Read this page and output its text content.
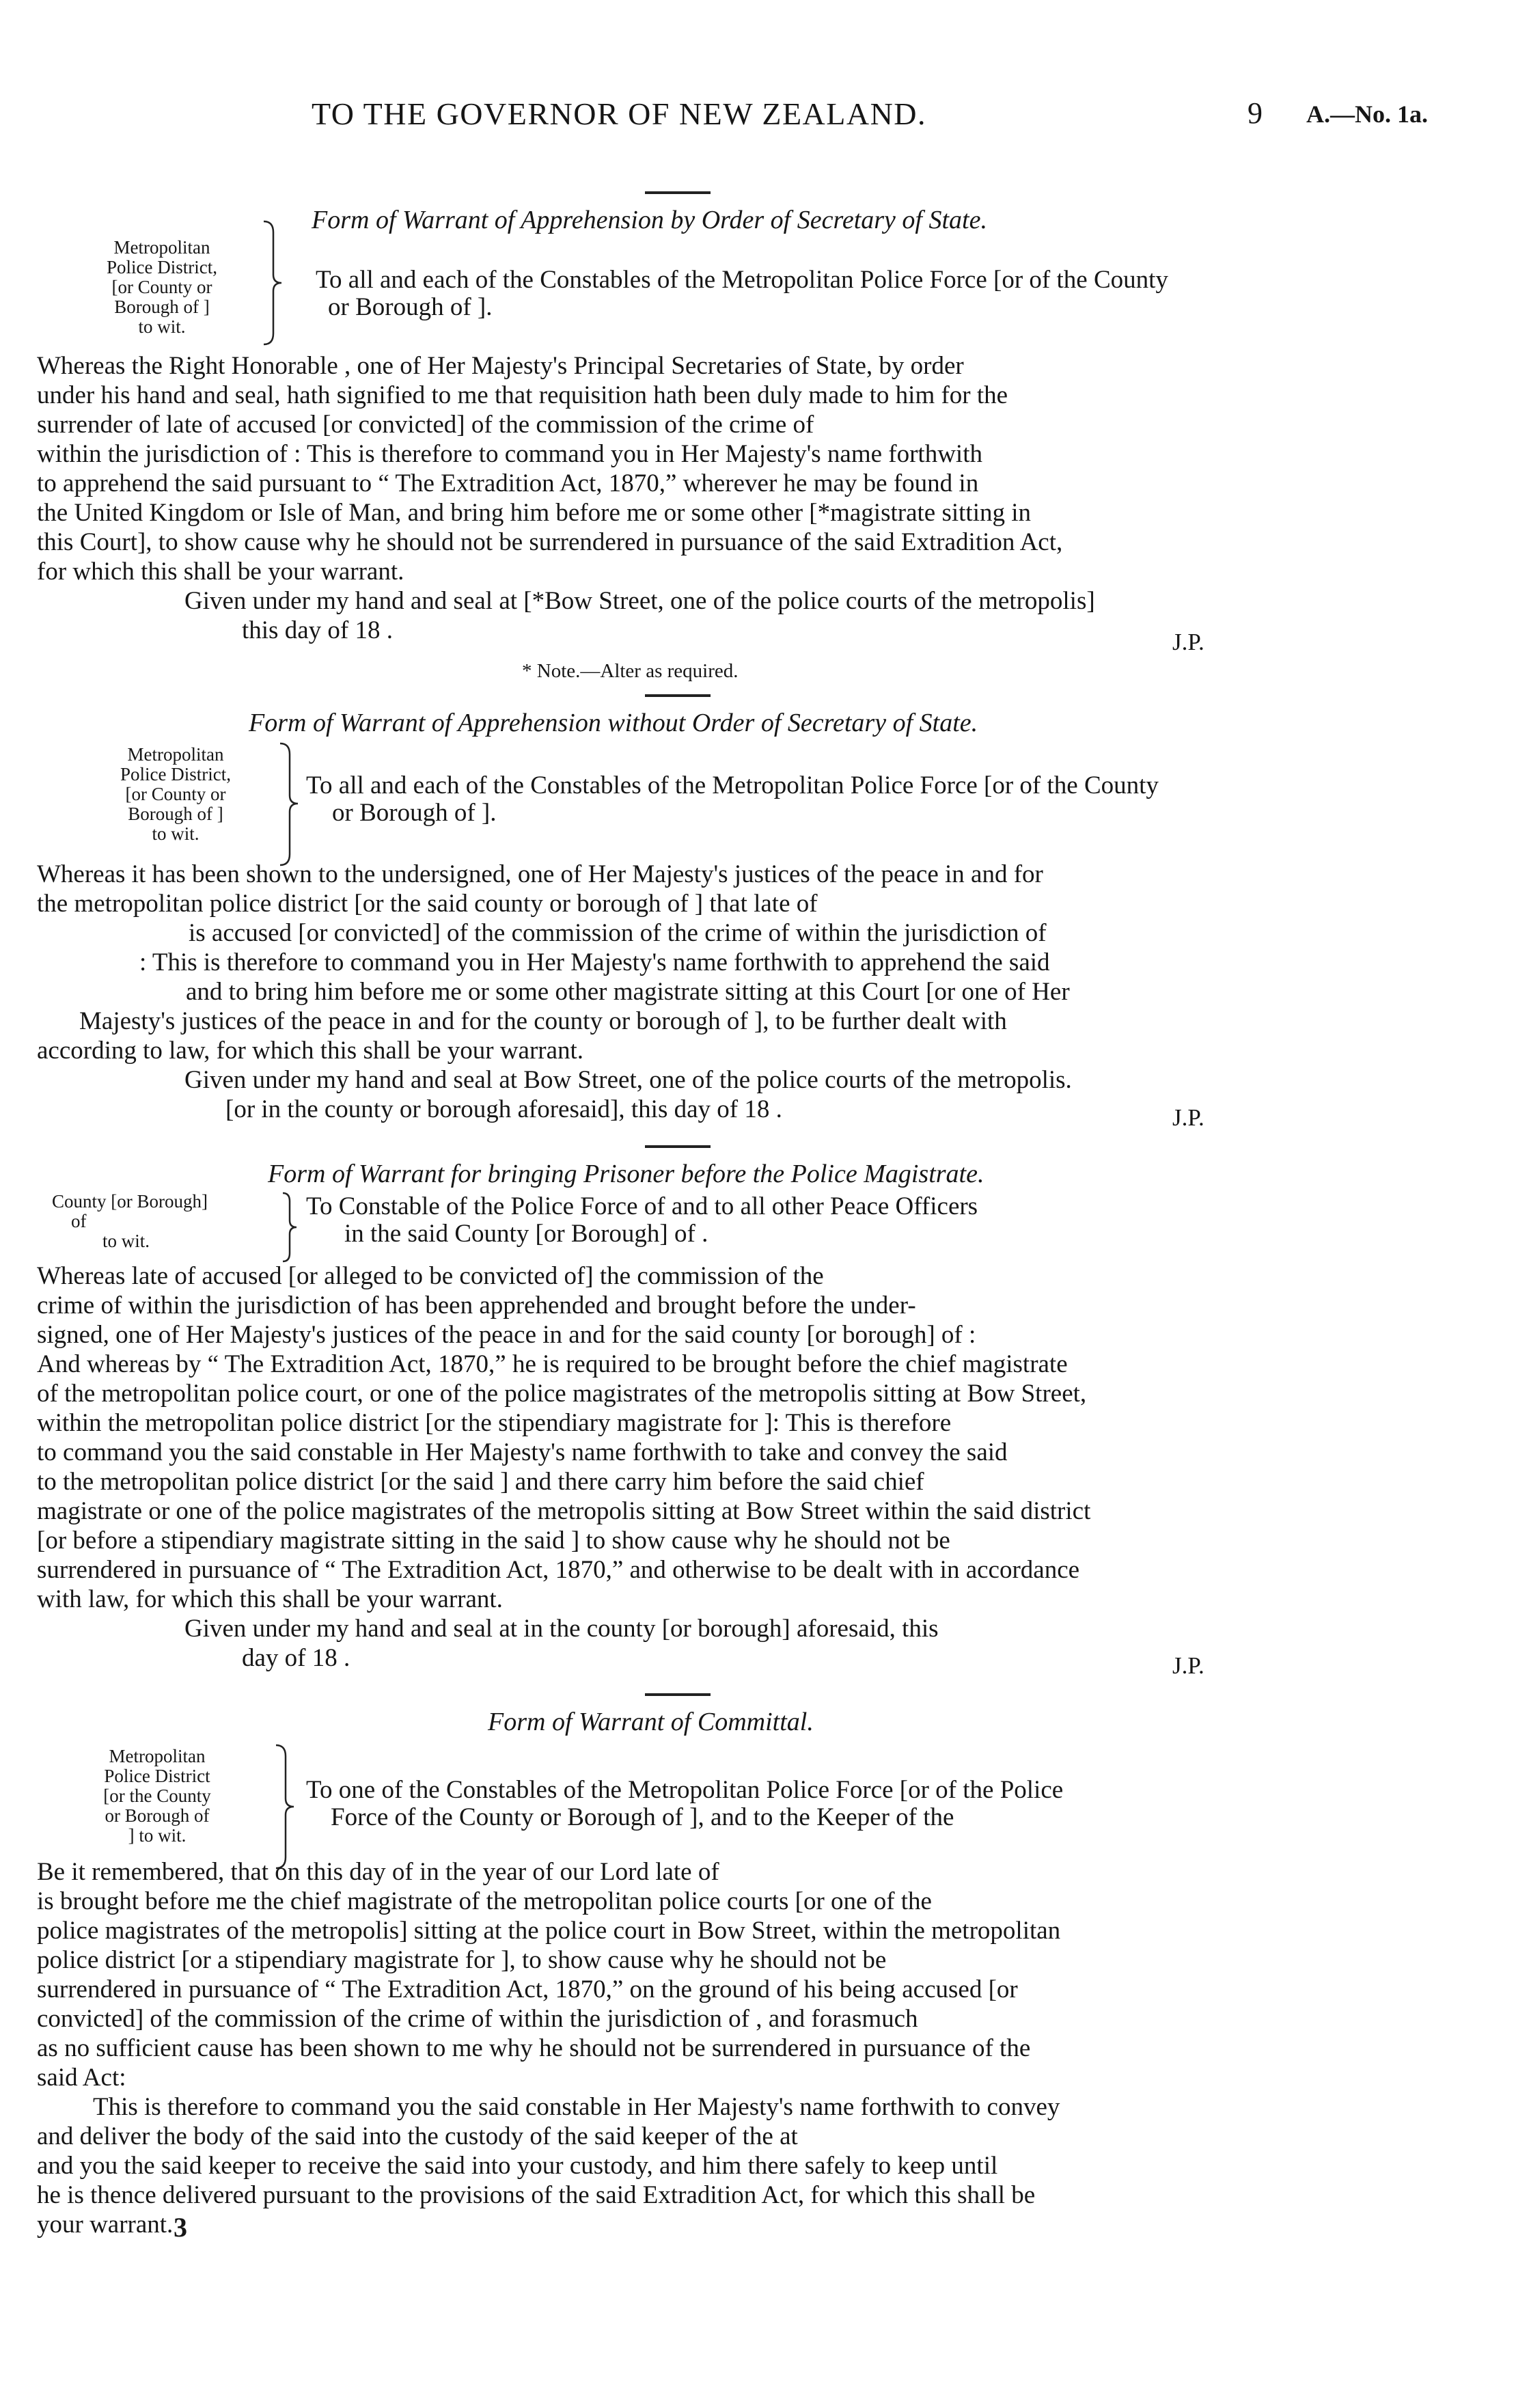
TO THE GOVERNOR OF NEW ZEALAND.	9 A.—No. 1a.
Form of Warrant of Apprehension by Order of Secretary of State.
Metropolitan
Police District,
[or County or
Borough of ]
to wit.
To all and each of the Constables of the Metropolitan Police Force [or of the County
or Borough of ].
Whereas the Right Honorable , one of Her Majesty's Principal Secretaries of State, by order
under his hand and seal, hath signified to me that requisition hath been duly made to him for the
surrender of late of accused [or convicted] of the commission of the crime of
within the jurisdiction of : This is therefore to command you in Her Majesty's name forthwith
to apprehend the said pursuant to “ The Extradition Act, 1870,” wherever he may be found in
the United Kingdom or Isle of Man, and bring him before me or some other [*magistrate sitting in
this Court], to show cause why he should not be surrendered in pursuance of the said Extradition Act,
for which this shall be your warrant.
Given under my hand and seal at [*Bow Street, one of the police courts of the metropolis]
this day of 18 .	J.P.
* Note.—Alter as required.
Form of Warrant of Apprehension without Order of Secretary of State.
Metropolitan
Police District,
[or County or
Borough of ]
to wit.
To all and each of the Constables of the Metropolitan Police Force [or of the County
or Borough of ].
Whereas it has been shown to the undersigned, one of Her Majesty's justices of the peace in and for
the metropolitan police district [or the said county or borough of ] that late of
is accused [or convicted] of the commission of the crime of within the jurisdiction of
: This is therefore to command you in Her Majesty's name forthwith to apprehend the said
and to bring him before me or some other magistrate sitting at this Court [or one of Her
Majesty's justices of the peace in and for the county or borough of ], to be further dealt with
according to law, for which this shall be your warrant.
Given under my hand and seal at Bow Street, one of the police courts of the metropolis.
[or in the county or borough aforesaid], this day of 18 .	J.P.
Form of Warrant for bringing Prisoner before the Police Magistrate.
County [or Borough]
of
to wit.
To Constable of the Police Force of and to all other Peace Officers
in the said County [or Borough] of .
Whereas late of accused [or alleged to be convicted of] the commission of the
crime of within the jurisdiction of has been apprehended and brought before the under-
signed, one of Her Majesty's justices of the peace in and for the said county [or borough] of :
And whereas by “ The Extradition Act, 1870,” he is required to be brought before the chief magistrate
of the metropolitan police court, or one of the police magistrates of the metropolis sitting at Bow Street,
within the metropolitan police district [or the stipendiary magistrate for ]: This is therefore
to command you the said constable in Her Majesty's name forthwith to take and convey the said
to the metropolitan police district [or the said ] and there carry him before the said chief
magistrate or one of the police magistrates of the metropolis sitting at Bow Street within the said district
[or before a stipendiary magistrate sitting in the said ] to show cause why he should not be
surrendered in pursuance of “ The Extradition Act, 1870,” and otherwise to be dealt with in accordance
with law, for which this shall be your warrant.
Given under my hand and seal at in the county [or borough] aforesaid, this
day of 18 .	J.P.
Form of Warrant of Committal.
Metropolitan
Police District
[or the County
or Borough of
] to wit.
To one of the Constables of the Metropolitan Police Force [or of the Police
Force of the County or Borough of ], and to the Keeper of the
Be it remembered, that on this day of in the year of our Lord late of
is brought before me the chief magistrate of the metropolitan police courts [or one of the
police magistrates of the metropolis] sitting at the police court in Bow Street, within the metropolitan
police district [or a stipendiary magistrate for ], to show cause why he should not be
surrendered in pursuance of “ The Extradition Act, 1870,” on the ground of his being accused [or
convicted] of the commission of the crime of within the jurisdiction of , and forasmuch
as no sufficient cause has been shown to me why he should not be surrendered in pursuance of the
said Act:
This is therefore to command you the said constable in Her Majesty's name forthwith to convey
and deliver the body of the said into the custody of the said keeper of the at
and you the said keeper to receive the said into your custody, and him there safely to keep until
he is thence delivered pursuant to the provisions of the said Extradition Act, for which this shall be
your warrant. 3
